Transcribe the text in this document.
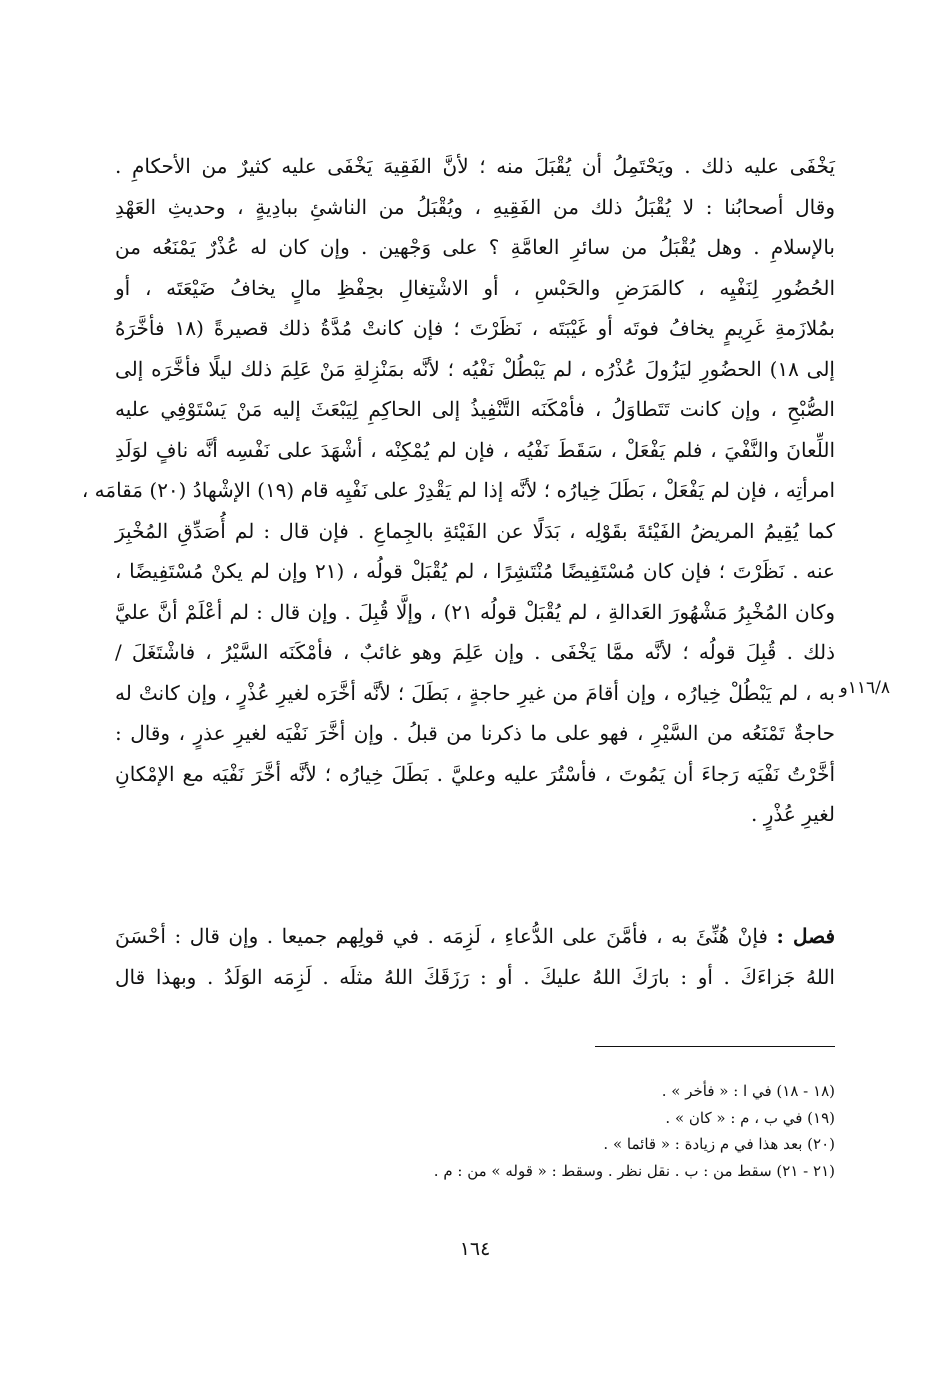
يَخْفَى عليه ذلك . ويَحْتَمِلُ أن يُقْبَلَ منه ؛ لأنَّ الفَقِيهَ يَخْفَى عليه كثيرٌ من الأحكامِ .
وقال أصحابُنا : لا يُقْبَلُ ذلك من الفَقِيهِ ، ويُقْبَلُ من الناشئِ ببادِيةٍ ، وحديثِ العَهْدِ
بالإسلامِ . وهل يُقْبَلُ من سائرِ العامَّةِ ؟ على وَجْهين . وإن كان له عُذْرٌ يَمْنَعُه من
الحُضُورِ لِنَفْيِه ، كالمَرَضِ والحَبْسِ ، أو الاشْتِغالِ بحِفْظِ مالٍ يخافُ ضَيْعَتَه ، أو
بمُلازَمةِ غَرِيمٍ يخافُ فوتَه أو غَيْبَتَه ، نَظَرْتَ ؛ فإن كانتْ مُدَّةُ ذلك قصيرةً (١٨ فأخَّرَهُ
إلى ١٨) الحضُورِ ليَزُولَ عُذْرُه ، لم يَبْطُلْ نَفْيُه ؛ لأنَّه بمَنْزِلةِ مَنْ عَلِمَ ذلك ليلًا فأخَّرَه إلى
الصُّبْحِ ، وإن كانت تَتَطاوَلُ ، فأمْكَنَه التَّنْفِيذُ إلى الحاكِمِ لِيَبْعَثَ إليه مَنْ يَسْتَوْفِي عليه
اللِّعانَ والنَّفْيَ ، فلم يَفْعَلْ ، سَقَطَ نَفْيُه ، فإن لم يُمْكِنْه ، أشْهَدَ على نَفْسِه أنَّه نافٍ لوَلَدِ
امرأتِه ، فإن لم يَفْعَلْ ، بَطَلَ خِيارُه ؛ لأنَّه إذا لم يَقْدِرْ على نَفْيِه قام (١٩) الإشْهادُ (٢٠) مَقامَه ،
كما يُقِيمُ المريضُ الفَيْئةَ بقَوْلِه ، بَدَلًا عن الفَيْئةِ بالجِماعِ . فإن قال : لم أُصَدِّقِ المُخْبِرَ
عنه . نَظَرْتَ ؛ فإن كان مُسْتَفِيضًا مُنْتَشِرًا ، لم يُقْبَلْ قولُه ، (٢١ وإن لم يكنْ مُسْتَفِيضًا ،
وكان المُخْبِرُ مَشْهُورَ العَدالةِ ، لم يُقْبَلْ قولُه ٢١) ، وإلَّا قُبِلَ . وإن قال : لم أعْلَمْ أنَّ عليَّ
ذلك . قُبِلَ قولُه ؛ لأنَّه ممَّا يَخْفَى . وإن عَلِمَ وهو غائبٌ ، فأمْكَنَه السَّيْرُ ، فاشْتَغَلَ /
به ، لم يَبْطُلْ خِيارُه ، وإن أقامَ من غيرِ حاجةٍ ، بَطَلَ ؛ لأنَّه أخَّرَه لغيرِ عُذْرٍ ، وإن كانتْ له
حاجةٌ تَمْنَعُه من السَّيْرِ ، فهو على ما ذكرنا من قبلُ . وإن أخَّرَ نَفْيَه لغيرِ عذرٍ ، وقال :
أخَّرْتُ نَفْيَه رَجاءَ أن يَمُوتَ ، فأسْتُرَ عليه وعليَّ . بَطَلَ خِيارُه ؛ لأنَّه أخَّرَ نَفْيَه مع الإمْكانِ
لغيرِ عُذْرٍ .
١١٦/٨و
فصل : فإنْ هُنِّئَ به ، فأمَّنَ على الدُّعاءِ ، لَزِمَه . في قولِهم جميعا . وإن قال : أحْسَنَ
اللهُ جَزاءَكَ . أو : بارَكَ اللهُ عليكَ . أو : رَزَقَكَ اللهُ مثلَه . لَزِمَه الوَلَدُ . وبهذا قال
(١٨ - ١٨) في ا : « فأخر » .
(١٩) في ب ، م : « كان » .
(٢٠) بعد هذا في م زيادة : « قائما » .
(٢١ - ٢١) سقط من : ب . نقل نظر . وسقط : « قوله » من : م .
١٦٤
